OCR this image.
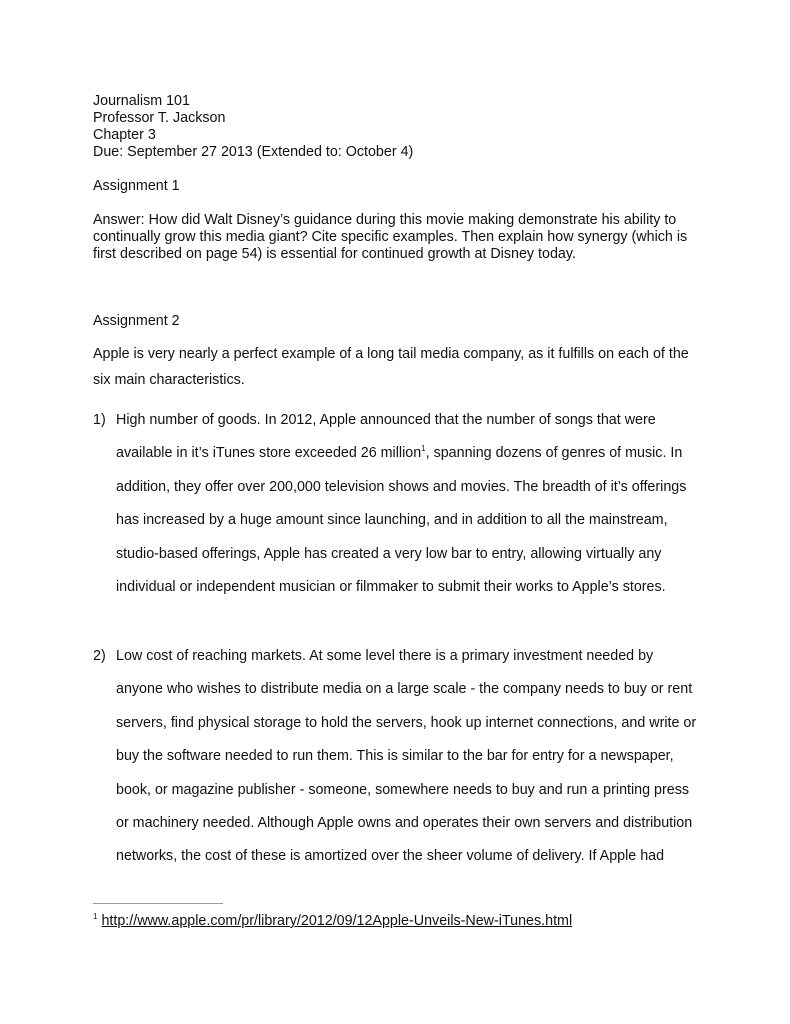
Journalism 101
Professor T. Jackson
Chapter 3
Due: September 27 2013 (Extended to: October 4)
Assignment 1
Answer: How did Walt Disney’s guidance during this movie making demonstrate his ability to continually grow this media giant? Cite specific examples. Then explain how synergy (which is first described on page 54) is essential for continued growth at Disney today.
Assignment 2
Apple is very nearly a perfect example of a long tail media company, as it fulfills on each of the six main characteristics.
1) High number of goods. In 2012, Apple announced that the number of songs that were available in it’s iTunes store exceeded 26 million$^1$, spanning dozens of genres of music. In addition, they offer over 200,000 television shows and movies. The breadth of it’s offerings has increased by a huge amount since launching, and in addition to all the mainstream, studio-based offerings, Apple has created a very low bar to entry, allowing virtually any individual or independent musician or filmmaker to submit their works to Apple’s stores.
2) Low cost of reaching markets. At some level there is a primary investment needed by anyone who wishes to distribute media on a large scale - the company needs to buy or rent servers, find physical storage to hold the servers, hook up internet connections, and write or buy the software needed to run them. This is similar to the bar for entry for a newspaper, book, or magazine publisher - someone, somewhere needs to buy and run a printing press or machinery needed. Although Apple owns and operates their own servers and distribution networks, the cost of these is amortized over the sheer volume of delivery. If Apple had
$^1$ http://www.apple.com/pr/library/2012/09/12Apple-Unveils-New-iTunes.html
